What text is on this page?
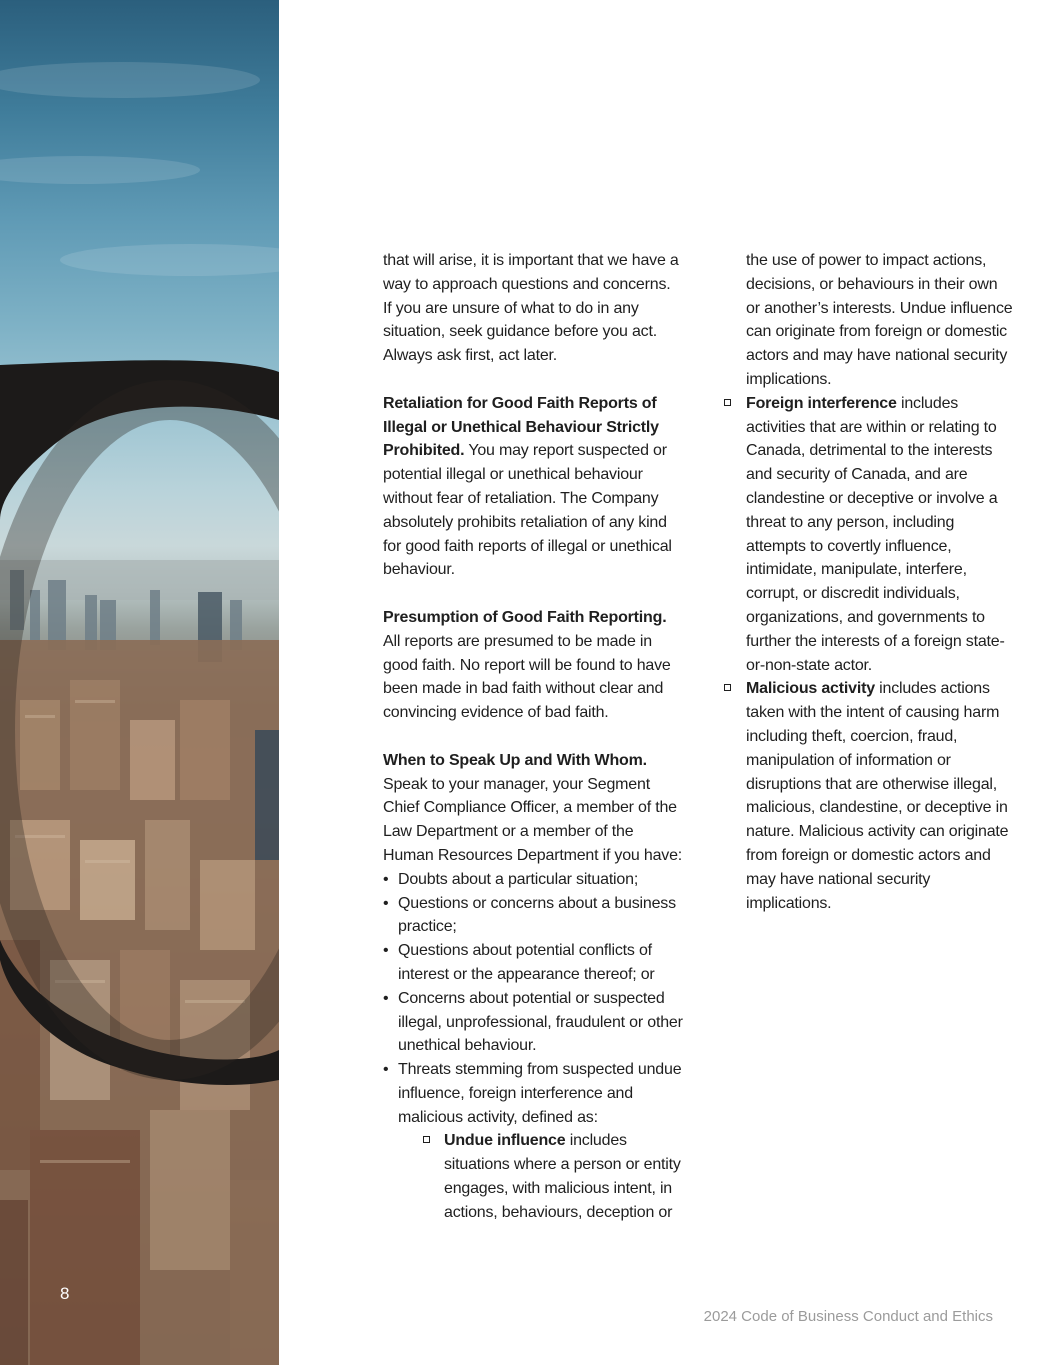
8

that will arise, it is important that we have a way to approach questions and concerns. If you are unsure of what to do in any situation, seek guidance before you act. Always ask first, act later.

Retaliation for Good Faith Reports of Illegal or Unethical Behaviour Strictly Prohibited. You may report suspected or potential illegal or unethical behaviour without fear of retaliation. The Company absolutely prohibits retaliation of any kind for good faith reports of illegal or unethical behaviour.

Presumption of Good Faith Reporting. All reports are presumed to be made in good faith. No report will be found to have been made in bad faith without clear and convincing evidence of bad faith.

When to Speak Up and With Whom. Speak to your manager, your Segment Chief Compliance Officer, a member of the Law Department or a member of the Human Resources Department if you have:
• Doubts about a particular situation;
• Questions or concerns about a business practice;
• Questions about potential conflicts of interest or the appearance thereof; or
• Concerns about potential or suspected illegal, unprofessional, fraudulent or other unethical behaviour.
• Threats stemming from suspected undue influence, foreign interference and malicious activity, defined as:
Undue influence includes situations where a person or entity engages, with malicious intent, in actions, behaviours, deception or
the use of power to impact actions, decisions, or behaviours in their own or another’s interests. Undue influence can originate from foreign or domestic actors and may have national security implications.
Foreign interference includes activities that are within or relating to Canada, detrimental to the interests and security of Canada, and are clandestine or deceptive or involve a threat to any person, including attempts to covertly influence, intimidate, manipulate, interfere, corrupt, or discredit individuals, organizations, and governments to further the interests of a foreign state-or-non-state actor.
Malicious activity includes actions taken with the intent of causing harm including theft, coercion, fraud, manipulation of information or disruptions that are otherwise illegal, malicious, clandestine, or deceptive in nature. Malicious activity can originate from foreign or domestic actors and may have national security implications.
2024 Code of Business Conduct and Ethics
